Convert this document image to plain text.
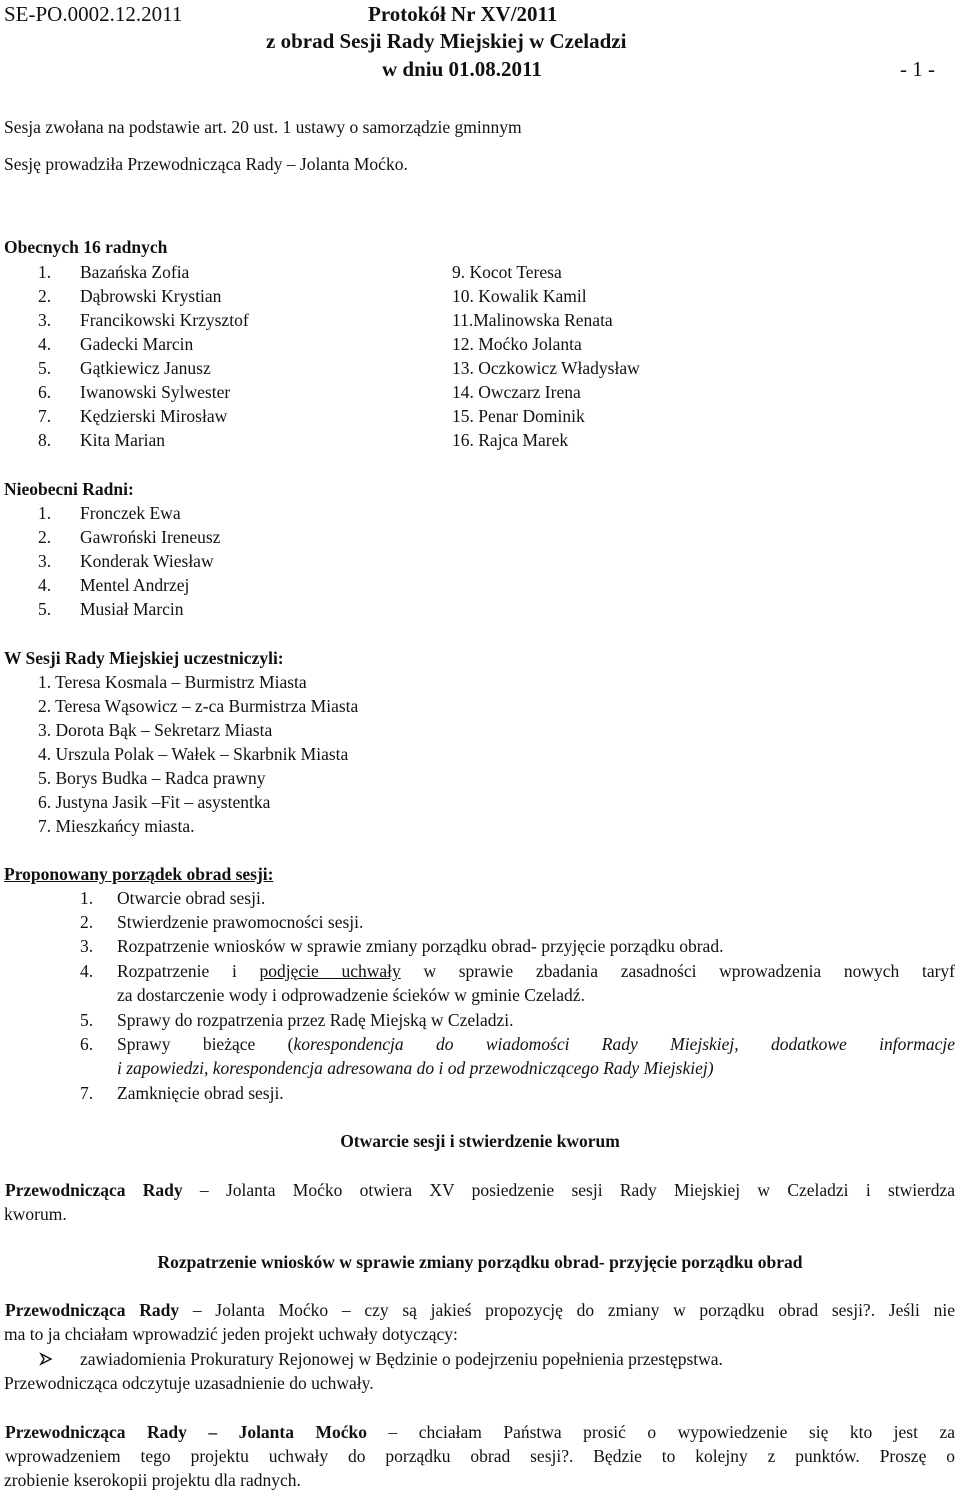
SE-PO.0002.12.2011	Protokół Nr XV/2011
z obrad Sesji Rady Miejskiej w Czeladzi
w dniu 01.08.2011	- 1 -
Sesja zwołana na podstawie art. 20 ust. 1 ustawy o samorządzie gminnym
Sesję prowadziła Przewodnicząca Rady – Jolanta Moćko.
Obecnych 16 radnych
1. Bazańska Zofia
2. Dąbrowski Krystian
3. Francikowski Krzysztof
4. Gadecki Marcin
5. Gątkiewicz Janusz
6. Iwanowski Sylwester
7. Kędzierski Mirosław
8. Kita Marian
9. Kocot Teresa
10. Kowalik Kamil
11.Malinowska Renata
12. Moćko Jolanta
13. Oczkowicz Władysław
14. Owczarz Irena
15. Penar Dominik
16. Rajca Marek
Nieobecni Radni:
1. Fronczek Ewa
2. Gawroński Ireneusz
3. Konderak Wiesław
4. Mentel Andrzej
5. Musiał Marcin
W Sesji Rady Miejskiej uczestniczyli:
1. Teresa Kosmala – Burmistrz Miasta
2. Teresa Wąsowicz – z-ca Burmistrza Miasta
3. Dorota Bąk – Sekretarz Miasta
4. Urszula Polak – Wałek – Skarbnik Miasta
5. Borys Budka – Radca prawny
6. Justyna Jasik –Fit – asystentka
7. Mieszkańcy miasta.
Proponowany porządek obrad sesji:
1. Otwarcie obrad sesji.
2. Stwierdzenie prawomocności sesji.
3. Rozpatrzenie wniosków w sprawie zmiany porządku obrad- przyjęcie porządku obrad.
4. Rozpatrzenie i podjęcie uchwały w sprawie zbadania zasadności wprowadzenia nowych taryf
za dostarczenie wody i odprowadzenie ścieków w gminie Czeladź.
5. Sprawy do rozpatrzenia przez Radę Miejską w Czeladzi.
6. Sprawy bieżące (korespondencja do wiadomości Rady Miejskiej, dodatkowe informacje
i zapowiedzi, korespondencja adresowana do i od przewodniczącego Rady Miejskiej)
7. Zamknięcie obrad sesji.
Otwarcie sesji i stwierdzenie kworum
Przewodnicząca Rady – Jolanta Moćko otwiera XV posiedzenie sesji Rady Miejskiej w Czeladzi i stwierdza
kworum.
Rozpatrzenie wniosków w sprawie zmiany porządku obrad- przyjęcie porządku obrad
Przewodnicząca Rady – Jolanta Moćko – czy są jakieś propozycję do zmiany w porządku obrad sesji?. Jeśli nie
ma to ja chciałam wprowadzić jeden projekt uchwały dotyczący:
zawiadomienia Prokuratury Rejonowej w Będzinie o podejrzeniu popełnienia przestępstwa.
Przewodnicząca odczytuje uzasadnienie do uchwały.
Przewodnicząca Rady – Jolanta Moćko – chciałam Państwa prosić o wypowiedzenie się kto jest za
wprowadzeniem tego projektu uchwały do porządku obrad sesji?. Będzie to kolejny z punktów. Proszę o
zrobienie kserokopii projektu dla radnych.
